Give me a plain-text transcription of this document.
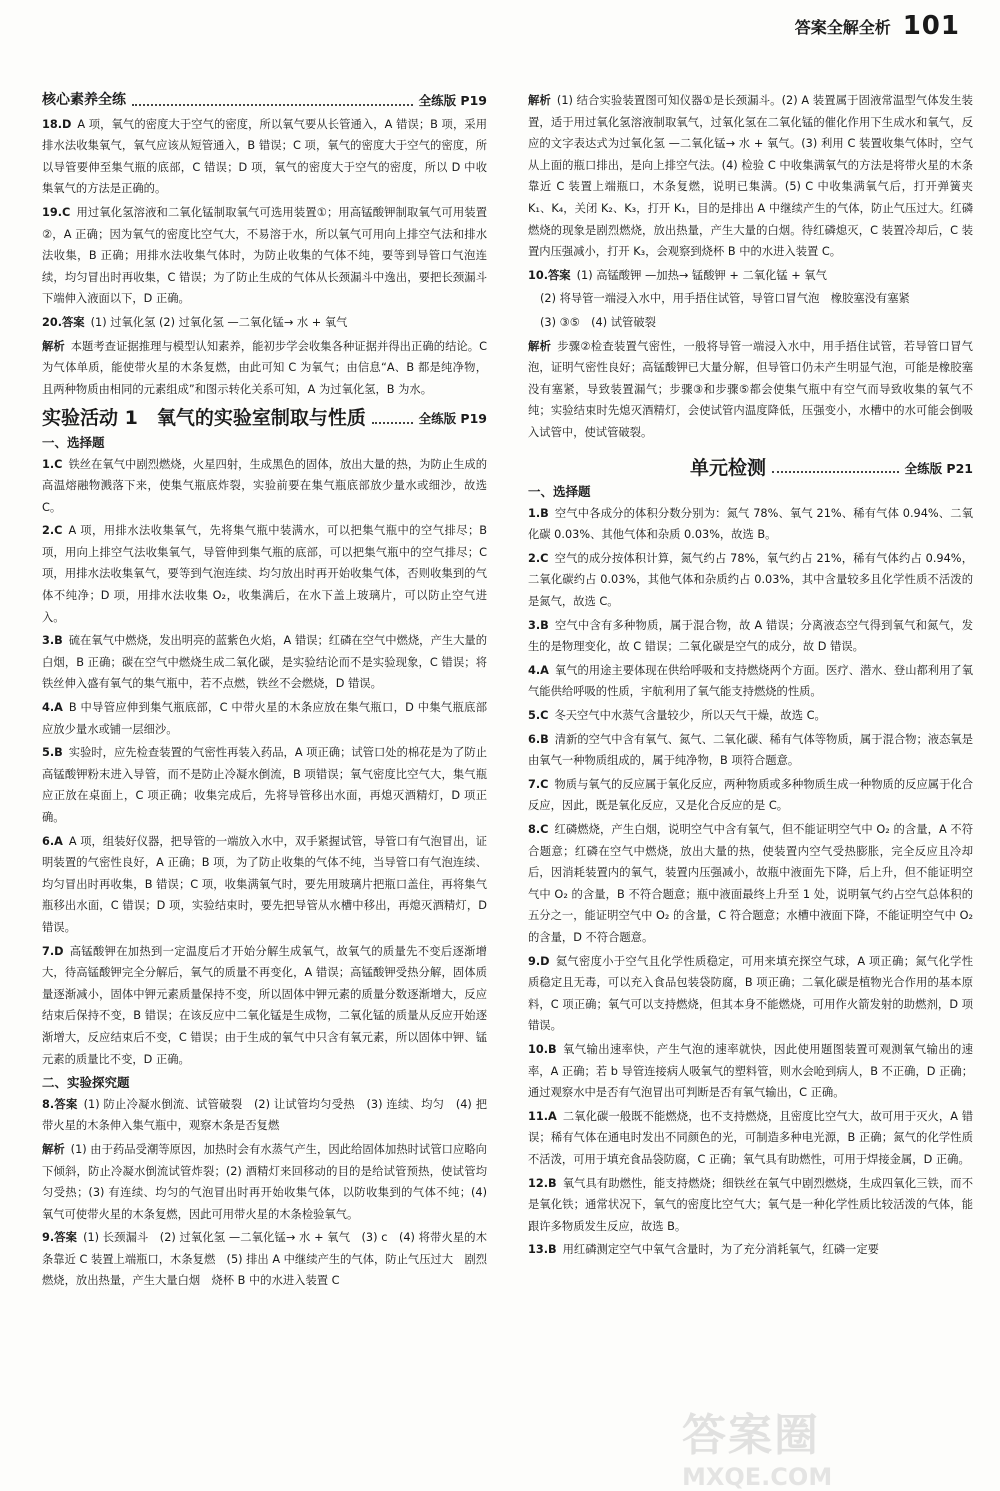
答案全解全析 101
核心素养全练	全练版 P19
18.D A 项，氧气的密度大于空气的密度，所以氧气要从长管通入，A 错误；B 项，采用排水法收集氧气，氧气应该从短管通入，B 错误；C 项，氧气的密度大于空气的密度，所以导管要伸至集气瓶的底部，C 错误；D 项，氧气的密度大于空气的密度，所以 D 中收集氧气的方法是正确的。
19.C 用过氧化氢溶液和二氧化锰制取氧气可选用装置①；用高锰酸钾制取氧气可用装置②，A 正确；因为氧气的密度比空气大，不易溶于水，所以氧气可用向上排空气法和排水法收集，B 正确；用排水法收集气体时，为防止收集的气体不纯，要等到导管口气泡连续，均匀冒出时再收集，C 错误；为了防止生成的气体从长颈漏斗中逸出，要把长颈漏斗下端伸入液面以下，D 正确。
20.答案 (1) 过氧化氢 (2) 过氧化氢 —二氧化锰→ 水 + 氧气
解析 本题考查证据推理与模型认知素养，能初步学会收集各种证据并得出正确的结论。C 为气体单质，能使带火星的木条复燃，由此可知 C 为氧气；由信息“A、B 都是纯净物，且两种物质由相同的元素组成”和图示转化关系可知，A 为过氧化氢，B 为水。
实验活动 1　氧气的实验室制取与性质	全练版 P19
一、选择题
1.C 铁丝在氧气中剧烈燃烧，火星四射，生成黑色的固体，放出大量的热，为防止生成的高温熔融物溅落下来，使集气瓶底炸裂，实验前要在集气瓶底部放少量水或细沙，故选 C。
2.C A 项，用排水法收集氧气，先将集气瓶中装满水，可以把集气瓶中的空气排尽；B 项，用向上排空气法收集氧气，导管伸到集气瓶的底部，可以把集气瓶中的空气排尽；C 项，用排水法收集氧气，要等到气泡连续、均匀放出时再开始收集气体，否则收集到的气体不纯净；D 项，用排水法收集 O₂，收集满后，在水下盖上玻璃片，可以防止空气进入。
3.B 硫在氧气中燃烧，发出明亮的蓝紫色火焰，A 错误；红磷在空气中燃烧，产生大量的白烟，B 正确；碳在空气中燃烧生成二氧化碳，是实验结论而不是实验现象，C 错误；将铁丝伸入盛有氧气的集气瓶中，若不点燃，铁丝不会燃烧，D 错误。
4.A B 中导管应伸到集气瓶底部，C 中带火星的木条应放在集气瓶口，D 中集气瓶底部应放少量水或铺一层细沙。
5.B 实验时，应先检查装置的气密性再装入药品，A 项正确；试管口处的棉花是为了防止高锰酸钾粉末进入导管，而不是防止冷凝水倒流，B 项错误；氧气密度比空气大，集气瓶应正放在桌面上，C 项正确；收集完成后，先将导管移出水面，再熄灭酒精灯，D 项正确。
6.A A 项，组装好仪器，把导管的一端放入水中，双手紧握试管，导管口有气泡冒出，证明装置的气密性良好，A 正确；B 项，为了防止收集的气体不纯，当导管口有气泡连续、均匀冒出时再收集，B 错误；C 项，收集满氧气时，要先用玻璃片把瓶口盖住，再将集气瓶移出水面，C 错误；D 项，实验结束时，要先把导管从水槽中移出，再熄灭酒精灯，D 错误。
7.D 高锰酸钾在加热到一定温度后才开始分解生成氧气，故氧气的质量先不变后逐渐增大，待高锰酸钾完全分解后，氧气的质量不再变化，A 错误；高锰酸钾受热分解，固体质量逐渐减小，固体中钾元素质量保持不变，所以固体中钾元素的质量分数逐渐增大，反应结束后保持不变，B 错误；在该反应中二氧化锰是生成物，二氧化锰的质量从反应开始逐渐增大，反应结束后不变，C 错误；由于生成的氧气中只含有氧元素，所以固体中钾、锰元素的质量比不变，D 正确。
二、实验探究题
8.答案 (1) 防止冷凝水倒流、试管破裂　(2) 让试管均匀受热　(3) 连续、均匀　(4) 把带火星的木条伸入集气瓶中，观察木条是否复燃
解析 (1) 由于药品受潮等原因，加热时会有水蒸气产生，因此给固体加热时试管口应略向下倾斜，防止冷凝水倒流试管炸裂；(2) 酒精灯来回移动的目的是给试管预热，使试管均匀受热；(3) 有连续、均匀的气泡冒出时再开始收集气体，以防收集到的气体不纯；(4) 氧气可使带火星的木条复燃，因此可用带火星的木条检验氧气。
9.答案 (1) 长颈漏斗　(2) 过氧化氢 —二氧化锰→ 水 + 氧气　(3) c　(4) 将带火星的木条靠近 C 装置上端瓶口，木条复燃　(5) 排出 A 中继续产生的气体，防止气压过大　剧烈燃烧，放出热量，产生大量白烟　烧杯 B 中的水进入装置 C
解析 (1) 结合实验装置图可知仪器①是长颈漏斗。(2) A 装置属于固液常温型气体发生装置，适于用过氧化氢溶液制取氧气，过氧化氢在二氧化锰的催化作用下生成水和氧气，反应的文字表达式为过氧化氢 —二氧化锰→ 水 + 氧气。(3) 利用 C 装置收集气体时，空气从上面的瓶口排出，是向上排空气法。(4) 检验 C 中收集满氧气的方法是将带火星的木条靠近 C 装置上端瓶口，木条复燃，说明已集满。(5) C 中收集满氧气后，打开弹簧夹 K₁、K₄，关闭 K₂、K₃，打开 K₁，目的是排出 A 中继续产生的气体，防止气压过大。红磷燃烧的现象是剧烈燃烧，放出热量，产生大量的白烟。待红磷熄灭，C 装置冷却后，C 装置内压强减小，打开 K₃，会观察到烧杯 B 中的水进入装置 C。
10.答案 (1) 高锰酸钾 —加热→ 锰酸钾 + 二氧化锰 + 氧气
(2) 将导管一端浸入水中，用手捂住试管，导管口冒气泡　橡胶塞没有塞紧
(3) ③⑤　(4) 试管破裂
解析 步骤②检查装置气密性，一般将导管一端浸入水中，用手捂住试管，若导管口冒气泡，证明气密性良好；高锰酸钾已大量分解，但导管口仍未产生明显气泡，可能是橡胶塞没有塞紧，导致装置漏气；步骤③和步骤⑤都会使集气瓶中有空气而导致收集的氧气不纯；实验结束时先熄灭酒精灯，会使试管内温度降低，压强变小，水槽中的水可能会倒吸入试管中，使试管破裂。
单元检测	全练版 P21
一、选择题
1.B 空气中各成分的体积分数分别为：氮气 78%、氧气 21%、稀有气体 0.94%、二氧化碳 0.03%、其他气体和杂质 0.03%，故选 B。
2.C 空气的成分按体积计算，氮气约占 78%，氧气约占 21%，稀有气体约占 0.94%，二氧化碳约占 0.03%，其他气体和杂质约占 0.03%，其中含量较多且化学性质不活泼的是氮气，故选 C。
3.B 空气中含有多种物质，属于混合物，故 A 错误；分离液态空气得到氧气和氮气，发生的是物理变化，故 C 错误；二氧化碳是空气的成分，故 D 错误。
4.A 氧气的用途主要体现在供给呼吸和支持燃烧两个方面。医疗、潜水、登山都利用了氧气能供给呼吸的性质，宇航利用了氧气能支持燃烧的性质。
5.C 冬天空气中水蒸气含量较少，所以天气干燥，故选 C。
6.B 清新的空气中含有氧气、氮气、二氧化碳、稀有气体等物质，属于混合物；液态氧是由氧气一种物质组成的，属于纯净物，B 项符合题意。
7.C 物质与氧气的反应属于氧化反应，两种物质或多种物质生成一种物质的反应属于化合反应，因此，既是氧化反应，又是化合反应的是 C。
8.C 红磷燃烧，产生白烟，说明空气中含有氧气，但不能证明空气中 O₂ 的含量，A 不符合题意；红磷在空气中燃烧，放出大量的热，使装置内空气受热膨胀，完全反应且冷却后，因消耗装置内的氧气，装置内压强减小，故瓶中液面先下降，后上升，但不能证明空气中 O₂ 的含量，B 不符合题意；瓶中液面最终上升至 1 处，说明氧气约占空气总体积的五分之一，能证明空气中 O₂ 的含量，C 符合题意；水槽中液面下降，不能证明空气中 O₂ 的含量，D 不符合题意。
9.D 氦气密度小于空气且化学性质稳定，可用来填充探空气球，A 项正确；氮气化学性质稳定且无毒，可以充入食品包装袋防腐，B 项正确；二氧化碳是植物光合作用的基本原料，C 项正确；氧气可以支持燃烧，但其本身不能燃烧，可用作火箭发射的助燃剂，D 项错误。
10.B 氧气输出速率快，产生气泡的速率就快，因此使用题图装置可观测氧气输出的速率，A 正确；若 b 导管连接病人吸氧气的塑料管，则水会呛到病人，B 不正确，D 正确；通过观察水中是否有气泡冒出可判断是否有氧气输出，C 正确。
11.A 二氧化碳一般既不能燃烧，也不支持燃烧，且密度比空气大，故可用于灭火，A 错误；稀有气体在通电时发出不同颜色的光，可制造多种电光源，B 正确；氮气的化学性质不活泼，可用于填充食品袋防腐，C 正确；氧气具有助燃性，可用于焊接金属，D 正确。
12.B 氧气具有助燃性，能支持燃烧；细铁丝在氧气中剧烈燃烧，生成四氧化三铁，而不是氧化铁；通常状况下，氧气的密度比空气大；氧气是一种化学性质比较活泼的气体，能跟许多物质发生反应，故选 B。
13.B 用红磷测定空气中氧气含量时，为了充分消耗氧气，红磷一定要
答案圈
MXQE.COM
